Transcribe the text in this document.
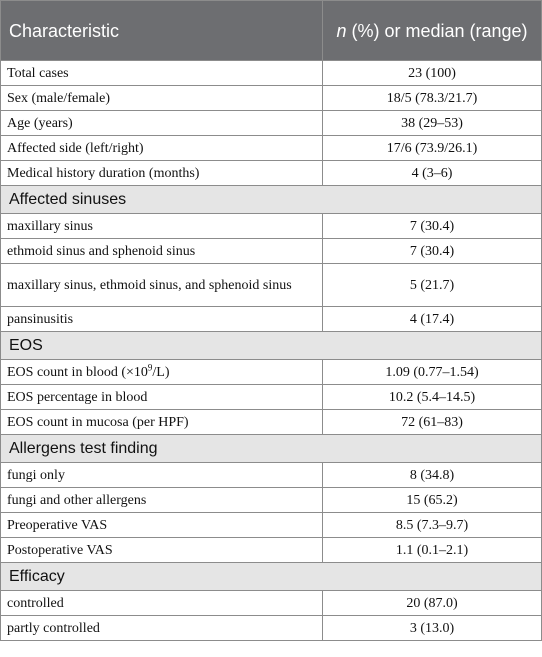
Characteristic	n (%) or median (range)
Total cases	23 (100)
Sex (male/female)	18/5 (78.3/21.7)
Age (years)	38 (29–53)
Affected side (left/right)	17/6 (73.9/26.1)
Medical history duration (months)	4 (3–6)
Affected sinuses	
maxillary sinus	7 (30.4)
ethmoid sinus and sphenoid sinus	7 (30.4)
maxillary sinus, ethmoid sinus, and sphenoid sinus	5 (21.7)
pansinusitis	4 (17.4)
EOS	
EOS count in blood $(\times 10^9/L)$	1.09 (0.77–1.54)
EOS percentage in blood	10.2 (5.4–14.5)
EOS count in mucosa (per HPF)	72 (61–83)
Allergens test finding	
fungi only	8 (34.8)
fungi and other allergens	15 (65.2)
Preoperative VAS	8.5 (7.3–9.7)
Postoperative VAS	1.1 (0.1–2.1)
Efficacy	
controlled	20 (87.0)
partly controlled	3 (13.0)
